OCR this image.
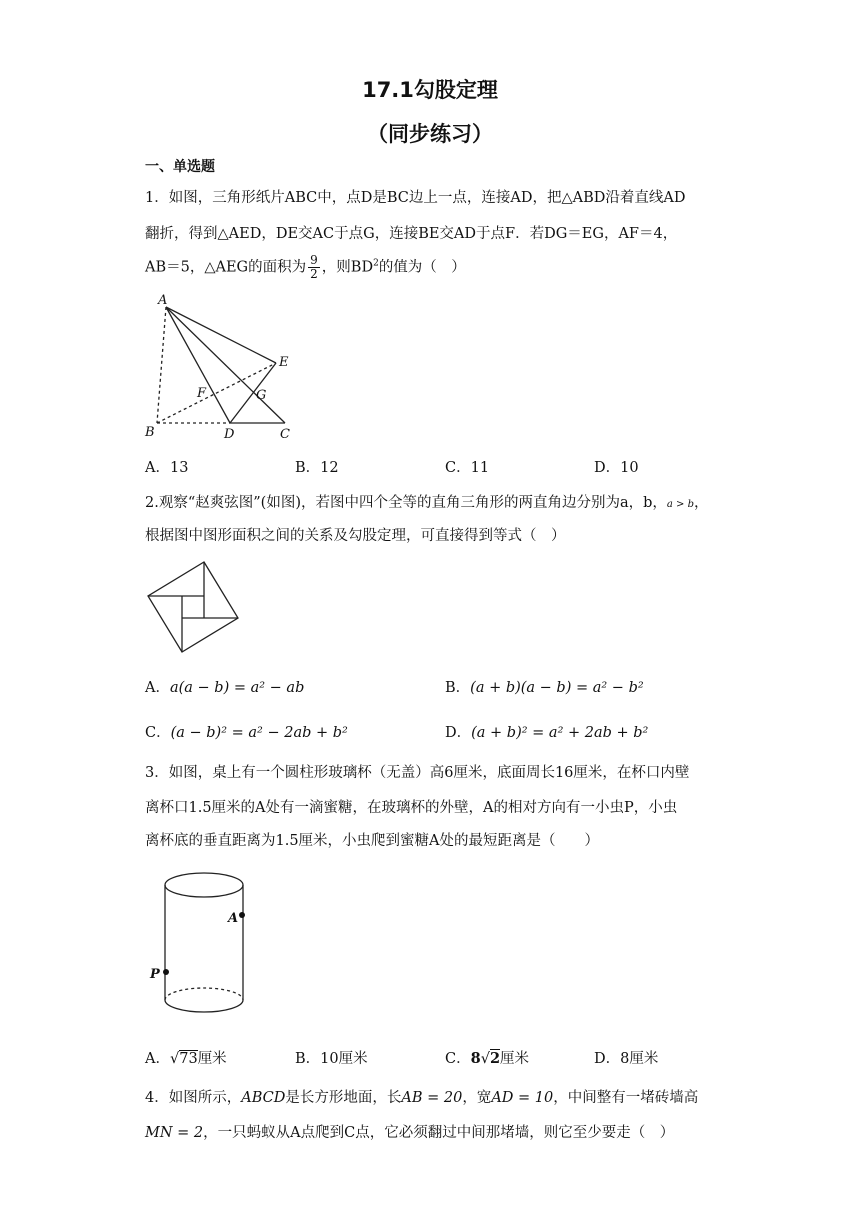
17.1勾股定理
（同步练习）
一、单选题
1．如图，三角形纸片ABC中，点D是BC边上一点，连接AD，把△ABD沿着直线AD
翻折，得到△AED，DE交AC于点G，连接BE交AD于点F．若DG＝EG，AF＝4，
AB＝5，△AEG的面积为 $\frac{9}{2}$ ，则$BD^2$的值为（　）
A
E
F	G
B	D	C
A．13	B．12	C．11	D．10
2.观察“赵爽弦图”(如图)，若图中四个全等的直角三角形的两直角边分别为a，b，a > b，
根据图中图形面积之间的关系及勾股定理，可直接得到等式（　）
A．a(a − b) = a² − ab	B．(a + b)(a − b) = a² − b²
C．(a − b)² = a² − 2ab + b²	D．(a + b)² = a² + 2ab + b²
3．如图，桌上有一个圆柱形玻璃杯（无盖）高6厘米，底面周长16厘米，在杯口内壁
离杯口1.5厘米的A处有一滴蜜糖，在玻璃杯的外壁，A的相对方向有一小虫P，小虫
离杯底的垂直距离为1.5厘米，小虫爬到蜜糖A处的最短距离是（　　）
A
P
A．√73厘米	B．10厘米	C．8√2厘米	D．8厘米
4．如图所示，ABCD是长方形地面，长AB = 20，宽AD = 10，中间整有一堵砖墙高
MN = 2，一只蚂蚁从A点爬到C点，它必须翻过中间那堵墙，则它至少要走（　）
